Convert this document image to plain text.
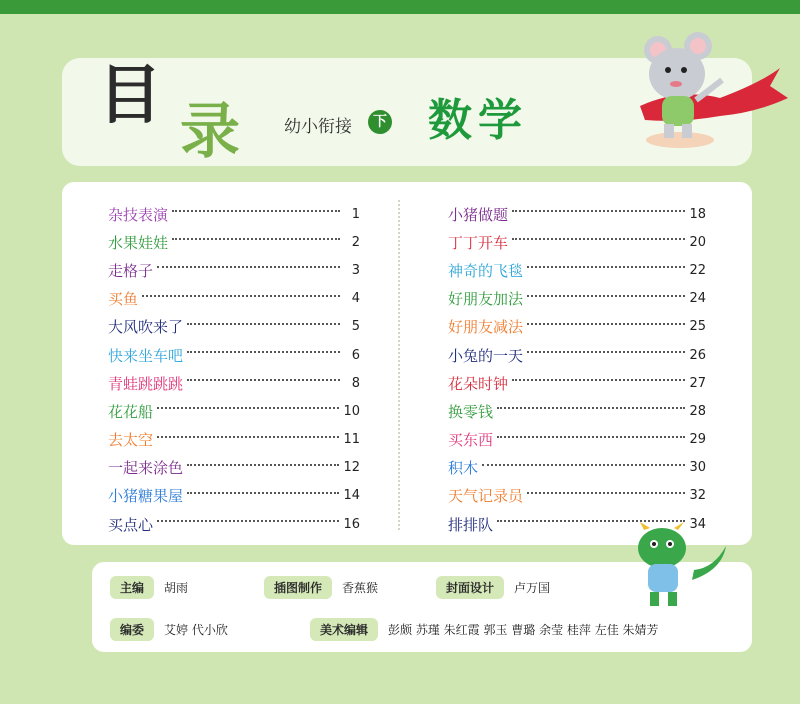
目 录	幼小衔接	下 数学
杂技表演	1
水果娃娃	2
走格子	3
买鱼	4
大风吹来了	5
快来坐车吧	6
青蛙跳跳跳	8
花花船	10
去太空	11
一起来涂色	12
小猪糖果屋	14
买点心	16
小猪做题	18
丁丁开车	20
神奇的飞毯	22
好朋友加法	24
好朋友减法	25
小兔的一天	26
花朵时钟	27
换零钱	28
买东西	29
积木	30
天气记录员	32
排排队	34
主编	胡雨	插图制作	香蕉猴	封面设计	卢万国
编委	艾婷 代小欣	美术编辑	彭颇 苏瑾 朱红霞 郭玉 曹璐 余莹 桂萍 左佳 朱婧芳
